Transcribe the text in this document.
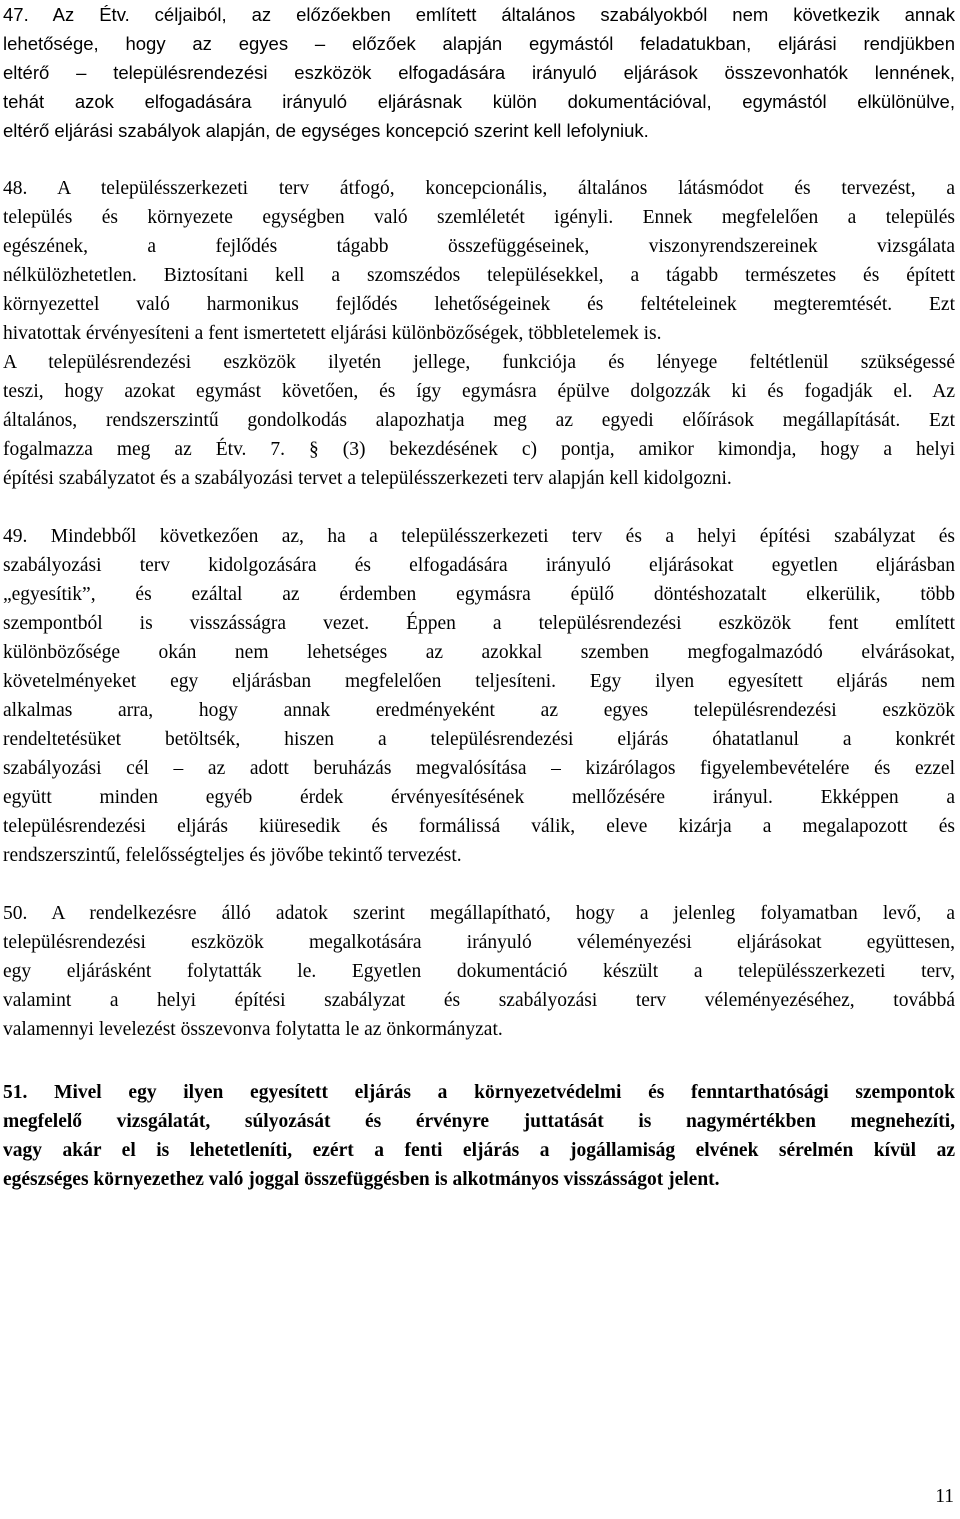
47. Az Étv. céljaiból, az előzőekben említett általános szabályokból nem következik annak
lehetősége, hogy az egyes – előzőek alapján egymástól feladatukban, eljárási rendjükben
eltérő – településrendezési eszközök elfogadására irányuló eljárások összevonhatók lennének,
tehát azok elfogadására irányuló eljárásnak külön dokumentációval, egymástól elkülönülve,
eltérő eljárási szabályok alapján, de egységes koncepció szerint kell lefolyniuk.
48. A településszerkezeti terv átfogó, koncepcionális, általános látásmódot és tervezést, a
település és környezete egységben való szemléletét igényli. Ennek megfelelően a település
egészének, a fejlődés tágabb összefüggéseinek, viszonyrendszereinek vizsgálata
nélkülözhetetlen. Biztosítani kell a szomszédos településekkel, a tágabb természetes és épített
környezettel való harmonikus fejlődés lehetőségeinek és feltételeinek megteremtését. Ezt
hivatottak érvényesíteni a fent ismertetett eljárási különbözőségek, többletelemek is.
A településrendezési eszközök ilyetén jellege, funkciója és lényege feltétlenül szükségessé
teszi, hogy azokat egymást követően, és így egymásra épülve dolgozzák ki és fogadják el. Az
általános, rendszerszintű gondolkodás alapozhatja meg az egyedi előírások megállapítását. Ezt
fogalmazza meg az Étv. 7. § (3) bekezdésének c) pontja, amikor kimondja, hogy a helyi
építési szabályzatot és a szabályozási tervet a településszerkezeti terv alapján kell kidolgozni.
49. Mindebből következően az, ha a településszerkezeti terv és a helyi építési szabályzat és
szabályozási terv kidolgozására és elfogadására irányuló eljárásokat egyetlen eljárásban
„egyesítik”, és ezáltal az érdemben egymásra épülő döntéshozatalt elkerülik, több
szempontból is visszásságra vezet. Éppen a településrendezési eszközök fent említett
különbözősége okán nem lehetséges az azokkal szemben megfogalmazódó elvárásokat,
követelményeket egy eljárásban megfelelően teljesíteni. Egy ilyen egyesített eljárás nem
alkalmas arra, hogy annak eredményeként az egyes településrendezési eszközök
rendeltetésüket betöltsék, hiszen a településrendezési eljárás óhatatlanul a konkrét
szabályozási cél – az adott beruházás megvalósítása – kizárólagos figyelembevételére és ezzel
együtt minden egyéb érdek érvényesítésének mellőzésére irányul. Ekképpen a
településrendezési eljárás kiüresedik és formálissá válik, eleve kizárja a megalapozott és
rendszerszintű, felelősségteljes és jövőbe tekintő tervezést.
50. A rendelkezésre álló adatok szerint megállapítható, hogy a jelenleg folyamatban levő, a
településrendezési eszközök megalkotására irányuló véleményezési eljárásokat együttesen,
egy eljárásként folytatták le. Egyetlen dokumentáció készült a településszerkezeti terv,
valamint a helyi építési szabályzat és szabályozási terv véleményezéséhez, továbbá
valamennyi levelezést összevonva folytatta le az önkormányzat.
51. Mivel egy ilyen egyesített eljárás a környezetvédelmi és fenntarthatósági szempontok
megfelelő vizsgálatát, súlyozását és érvényre juttatását is nagymértékben megnehezíti,
vagy akár el is lehetetleníti, ezért a fenti eljárás a jogállamiság elvének sérelmén kívül az
egészséges környezethez való joggal összefüggésben is alkotmányos visszásságot jelent.
11
